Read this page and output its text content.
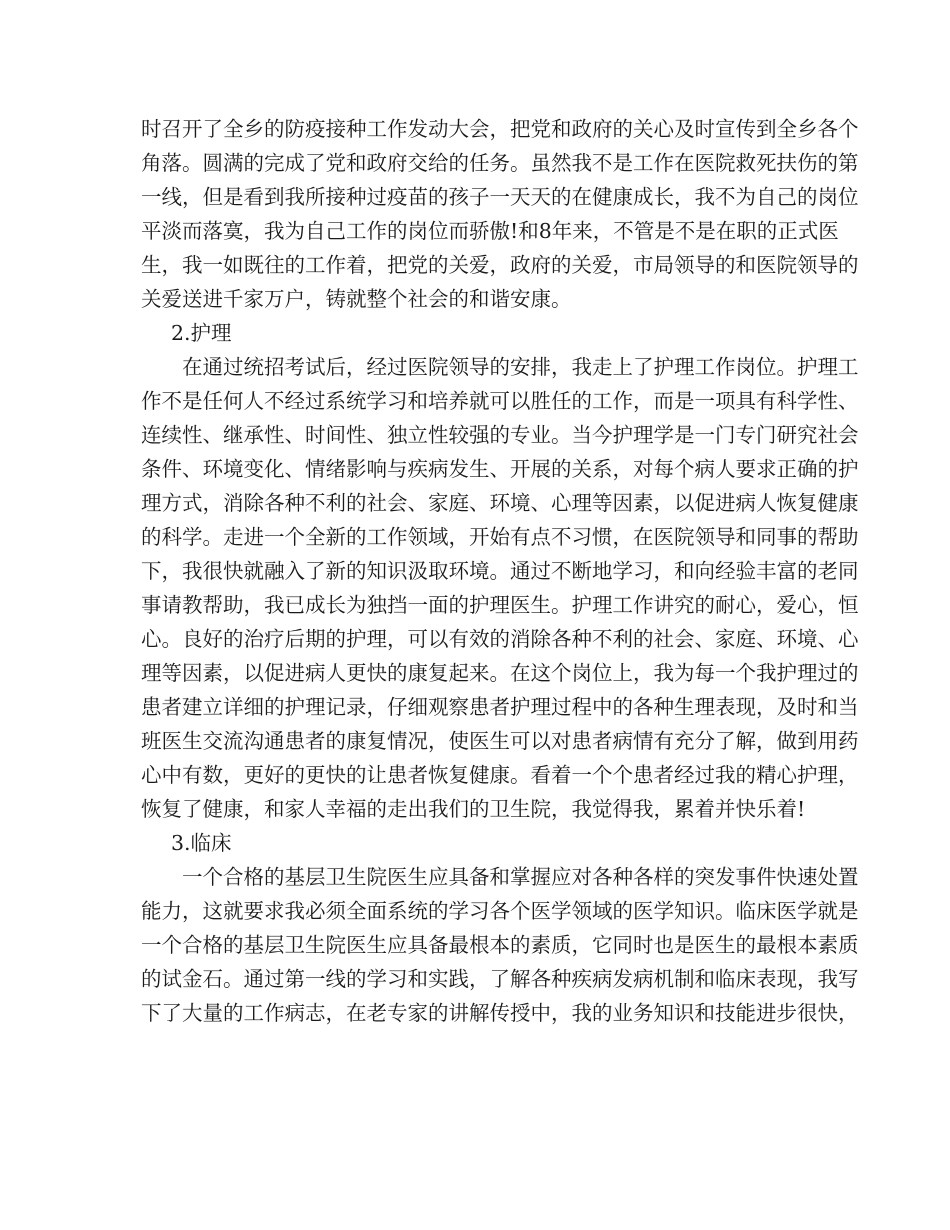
时召开了全乡的防疫接种工作发动大会，把党和政府的关心及时宣传到全乡各个
角落。圆满的完成了党和政府交给的任务。虽然我不是工作在医院救死扶伤的第
一线，但是看到我所接种过疫苗的孩子一天天的在健康成长，我不为自己的岗位
平淡而落寞，我为自己工作的岗位而骄傲!和8年来，不管是不是在职的正式医
生，我一如既往的工作着，把党的关爱，政府的关爱，市局领导的和医院领导的
关爱送进千家万户，铸就整个社会的和谐安康。
2.护理
在通过统招考试后，经过医院领导的安排，我走上了护理工作岗位。护理工
作不是任何人不经过系统学习和培养就可以胜任的工作，而是一项具有科学性、
连续性、继承性、时间性、独立性较强的专业。当今护理学是一门专门研究社会
条件、环境变化、情绪影响与疾病发生、开展的关系，对每个病人要求正确的护
理方式，消除各种不利的社会、家庭、环境、心理等因素，以促进病人恢复健康
的科学。走进一个全新的工作领域，开始有点不习惯，在医院领导和同事的帮助
下，我很快就融入了新的知识汲取环境。通过不断地学习，和向经验丰富的老同
事请教帮助，我已成长为独挡一面的护理医生。护理工作讲究的耐心，爱心，恒
心。良好的治疗后期的护理，可以有效的消除各种不利的社会、家庭、环境、心
理等因素，以促进病人更快的康复起来。在这个岗位上，我为每一个我护理过的
患者建立详细的护理记录，仔细观察患者护理过程中的各种生理表现，及时和当
班医生交流沟通患者的康复情况，使医生可以对患者病情有充分了解，做到用药
心中有数，更好的更快的让患者恢复健康。看着一个个患者经过我的精心护理，
恢复了健康，和家人幸福的走出我们的卫生院，我觉得我，累着并快乐着!
3.临床
一个合格的基层卫生院医生应具备和掌握应对各种各样的突发事件快速处置
能力，这就要求我必须全面系统的学习各个医学领域的医学知识。临床医学就是
一个合格的基层卫生院医生应具备最根本的素质，它同时也是医生的最根本素质
的试金石。通过第一线的学习和实践，了解各种疾病发病机制和临床表现，我写
下了大量的工作病志，在老专家的讲解传授中，我的业务知识和技能进步很快，
